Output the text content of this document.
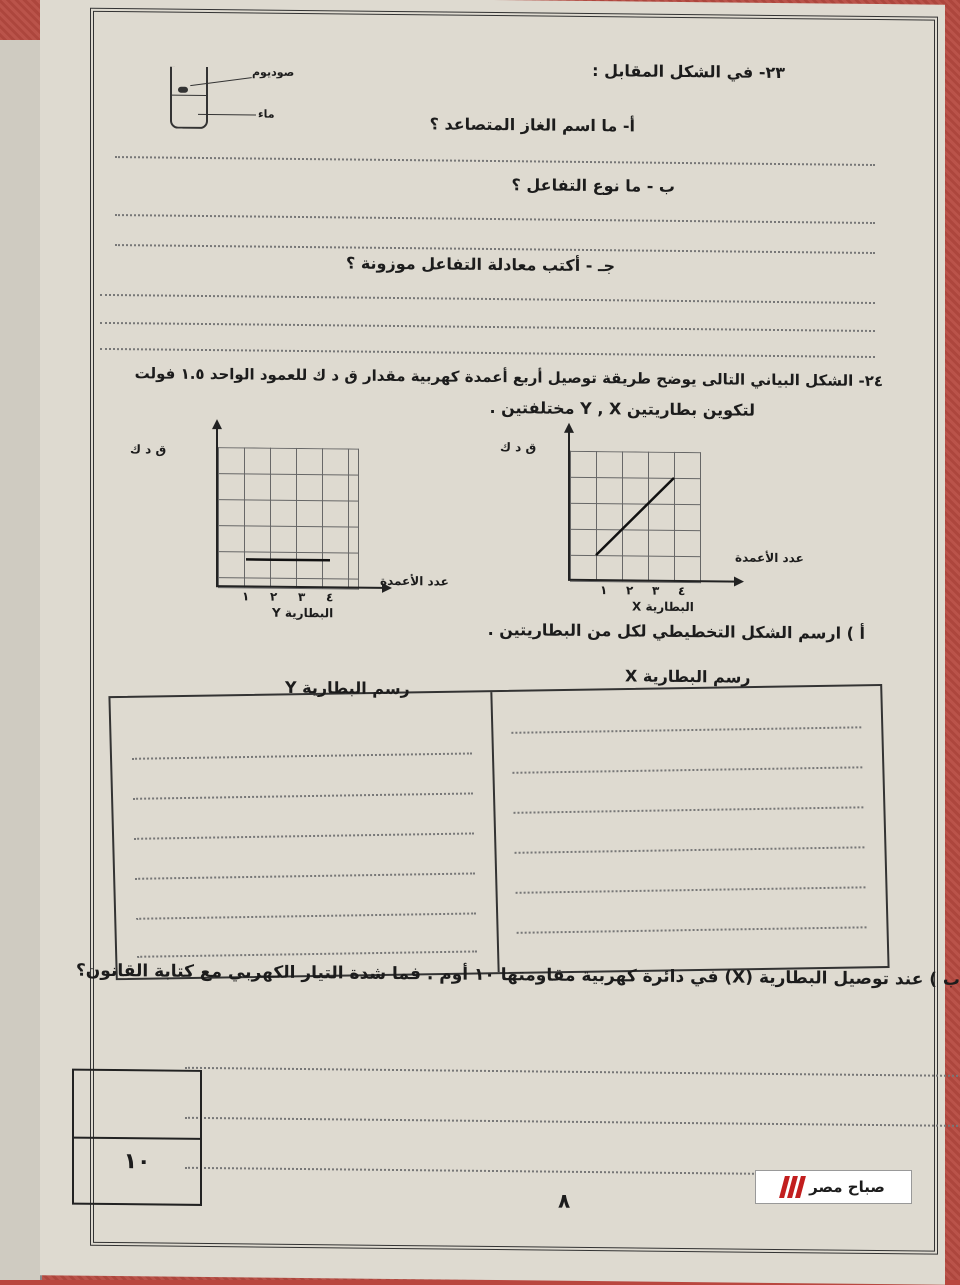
٢٣- في الشكل المقابل :
صوديوم
ماء
أ- ما اسم الغاز المتصاعد ؟
ب - ما نوع التفاعل ؟
جـ - أكتب معادلة التفاعل موزونة ؟
٢٤- الشكل البياني التالى يوضح طريقة توصيل أربع أعمدة كهربية مقدار ق د ك للعمود الواحد ١.٥ فولت
لتكوين بطاريتين Y , X مختلفتين .
ق د ك
عدد الأعمدة
١ ٢ ٣ ٤
البطارية X
ق د ك
عدد الأعمدة
١ ٢ ٣ ٤
البطارية Y
أ ) ارسم الشكل التخطيطي لكل من البطاريتين .
رسم البطارية Y
رسم البطارية X
ب ) عند توصيل البطارية (X) في دائرة كهربية مقاومتها ١٠ أوم . فما شدة التيار الكهربي مع كتابة القانون؟
١٠
٨
صباح مصر
